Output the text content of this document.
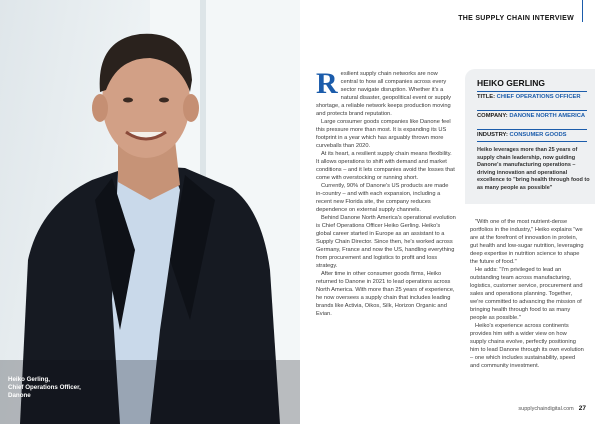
Heiko Gerling,
Chief Operations Officer,
Danone
THE SUPPLY CHAIN INTERVIEW

Resilient supply chain networks are now central to how all companies across every sector navigate disruption. Whether it's a natural disaster, geopolitical event or supply shortage, a reliable network keeps production moving and protects brand reputation.

Large consumer goods companies like Danone feel this pressure more than most. It is expanding its US footprint in a year which has arguably thrown more curveballs than 2020.

At its heart, a resilient supply chain means flexibility. It allows operations to shift with demand and market conditions – and it lets companies avoid the losses that come with overstocking or running short.

Currently, 90% of Danone's US products are made in-country – and with each expansion, including a recent new Florida site, the company reduces dependence on external supply channels.

Behind Danone North America's operational evolution is Chief Operations Officer Heiko Gerling. Heiko's global career started in Europe as an assistant to a Supply Chain Director. Since then, he's worked across Germany, France and now the US, handling everything from procurement and logistics to profit and loss strategy.

After time in other consumer goods firms, Heiko returned to Danone in 2021 to lead operations across North America. With more than 25 years of experience, he now oversees a supply chain that includes leading brands like Activia, Oikos, Silk, Horizon Organic and Evian.

HEIKO GERLING
TITLE: CHIEF OPERATIONS OFFICER
COMPANY: DANONE NORTH AMERICA
INDUSTRY: CONSUMER GOODS
Heiko leverages more than 25 years of supply chain leadership, now guiding Danone's manufacturing operations – driving innovation and operational excellence to "bring health through food to as many people as possible"

"With one of the most nutrient-dense portfolios in the industry," Heiko explains "we are at the forefront of innovation in protein, gut health and low-sugar nutrition, leveraging deep expertise in nutrition science to shape the future of food."

He adds: "I'm privileged to lead an outstanding team across manufacturing, logistics, customer service, procurement and sales and operations planning. Together, we're committed to advancing the mission of bringing health through food to as many people as possible."

Heiko's experience across continents provides him with a wider view on how supply chains evolve, perfectly positioning him to lead Danone through its own evolution – one which includes sustainability, speed and community investment.

supplychaindigital.com 27
